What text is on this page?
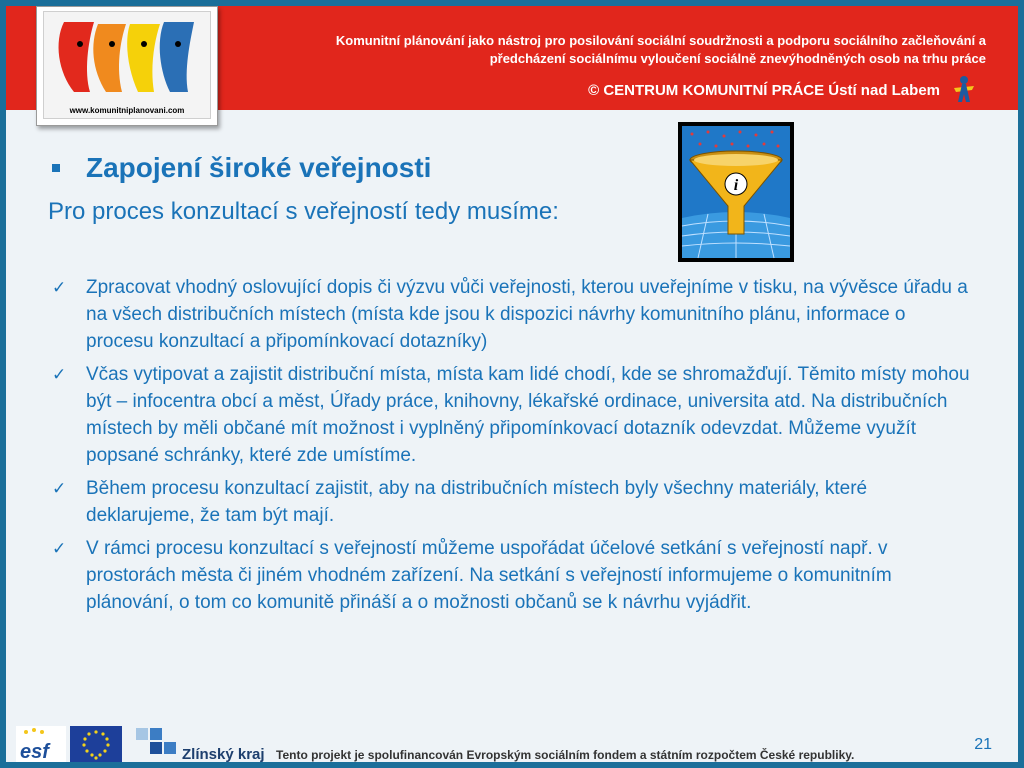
Komunitní plánování jako nástroj pro posilování sociální soudržnosti a podporu sociálního začleňování a předcházení sociálnímu vyloučení sociálně znevýhodněných osob na trhu práce
© CENTRUM KOMUNITNÍ PRÁCE Ústí nad Labem
www.komunitniplanovani.com
Zapojení široké veřejnosti
Pro proces konzultací s veřejností tedy musíme:
i
✓ Zpracovat vhodný oslovující dopis či výzvu vůči veřejnosti, kterou uveřejníme v tisku, na vývěsce úřadu a na všech distribučních místech (místa kde jsou k dispozici návrhy komunitního plánu, informace o procesu konzultací a připomínkovací dotazníky)
✓ Včas vytipovat a zajistit distribuční místa, místa kam lidé chodí, kde se shromažďují. Těmito místy mohou být – infocentra obcí a měst, Úřady práce, knihovny, lékařské ordinace, universita atd. Na distribučních místech by měli občané mít možnost i vyplněný připomínkovací dotazník odevzdat. Můžeme využít popsané schránky, které zde umístíme.
✓ Během procesu konzultací zajistit, aby na distribučních místech byly všechny materiály, které deklarujeme, že tam být mají.
✓ V rámci procesu konzultací s veřejností můžeme uspořádat účelové setkání s veřejností např. v prostorách města či jiném vhodném zařízení. Na setkání s veřejností informujeme o komunitním plánování, o tom co komunitě přináší a o možnosti občanů se k návrhu vyjádřit.
esf	Zlínský kraj Tento projekt je spolufinancován Evropským sociálním fondem a státním rozpočtem České republiky.
21
